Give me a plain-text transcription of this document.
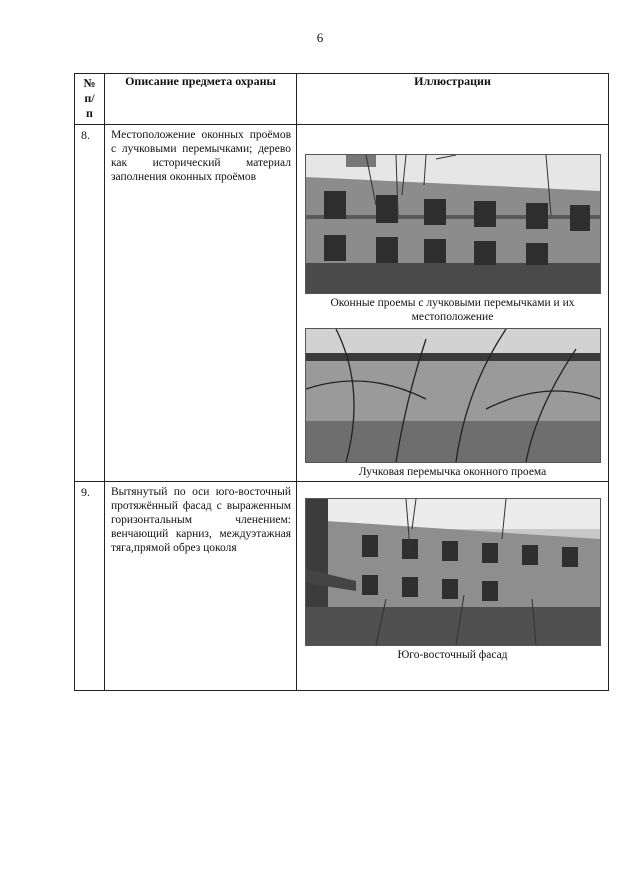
6
№
п/
п	Описание предмета охраны	Иллюстрации
8.	Местоположение оконных проёмов с лучковыми перемычками; дерево как исторический материал заполнения оконных проёмов	Оконные проемы с лучковыми перемычками и их местоположение
Лучковая перемычка оконного проема

9.	Вытянутый по оси юго-восточный протяжённый фасад с выраженным горизонтальным членением: венчающий карниз, междуэтажная тяга,прямой обрез цоколя	Юго-восточный фасад
